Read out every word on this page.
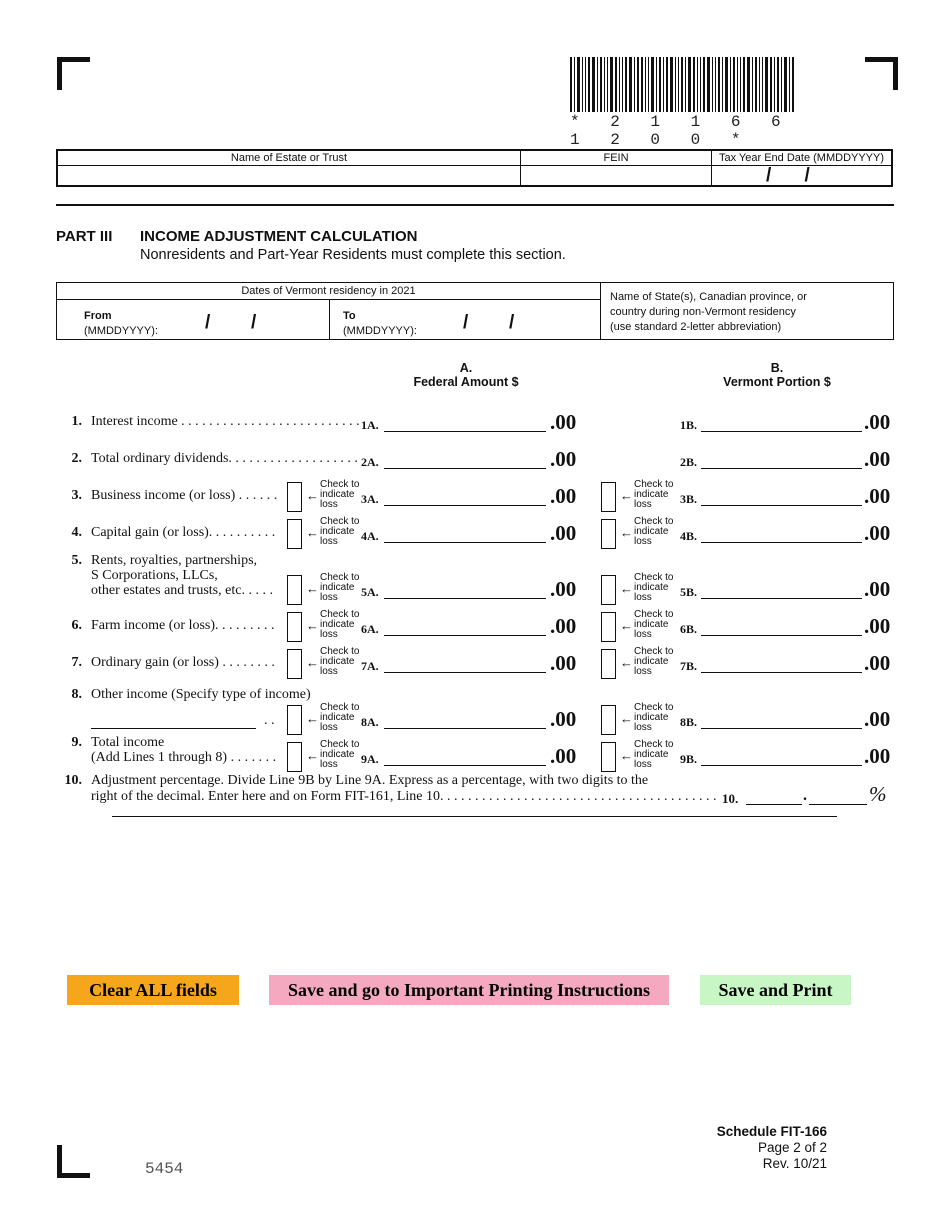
* 2 1 1 6 6 1 2 0 0 *
Name of Estate or Trust	FEIN	Tax Year End Date (MMDDYYYY)
/ /
PART III INCOME ADJUSTMENT CALCULATION
Nonresidents and Part-Year Residents must complete this section.
Dates of Vermont residency in 2021
From
(MMDDYYYY): / /	To
(MMDDYYYY): / /
Name of State(s), Canadian province, or
country during non-Vermont residency
(use standard 2-letter abbreviation)
A.
Federal Amount $
B.
Vermont Portion $
1. Interest income . . . . . . . . . . . . . . . . . . . . . . . . . . 1A.	.00	1B.	.00
2. Total ordinary dividends. . . . . . . . . . . . . . . . . . . 2A.	.00	2B.	.00
3. Business income (or loss) . . . . . . ←
Check to
indicate
loss
←
Check to
indicate
loss
3A.	.00	3B.	.00
4. Capital gain (or loss). . . . . . . . . . ←
Check to
indicate
loss
←
Check to
indicate
loss
4A.	.00	4B.	.00
5. Rents, royalties, partnerships,
S Corporations, LLCs,
other estates and trusts, etc. . . . .	←
Check to
indicate
loss
←
Check to
indicate
loss
5A.	.00	5B.	.00
6. Farm income (or loss). . . . . . . . . ←
Check to
indicate
loss
←
Check to
indicate
loss
6A.	.00	6B.	.00
7. Ordinary gain (or loss) . . . . . . . . ←
Check to
indicate
loss
←
Check to
indicate
loss
7A.	.00	7B.	.00
8. Other income (Specify type of income)
. . ←
Check to
indicate
loss
←
Check to
indicate
loss
8A.	.00	8B.	.00
9. Total income
(Add Lines 1 through 8) . . . . . . . ←
Check to
indicate
loss
←
Check to
indicate
loss
9A.	.00	9B.	.00
10. Adjustment percentage. Divide Line 9B by Line 9A. Express as a percentage, with two digits to the
right of the decimal. Enter here and on Form FIT-161, Line 10. . . . . . . . . . . . . . . . . . . . . . . . . . . . . . . . . . . . . . . . 10.	.	%
Clear ALL fields	Save and go to Important Printing Instructions	Save and Print
5454
Schedule FIT-166
Page 2 of 2
Rev. 10/21
